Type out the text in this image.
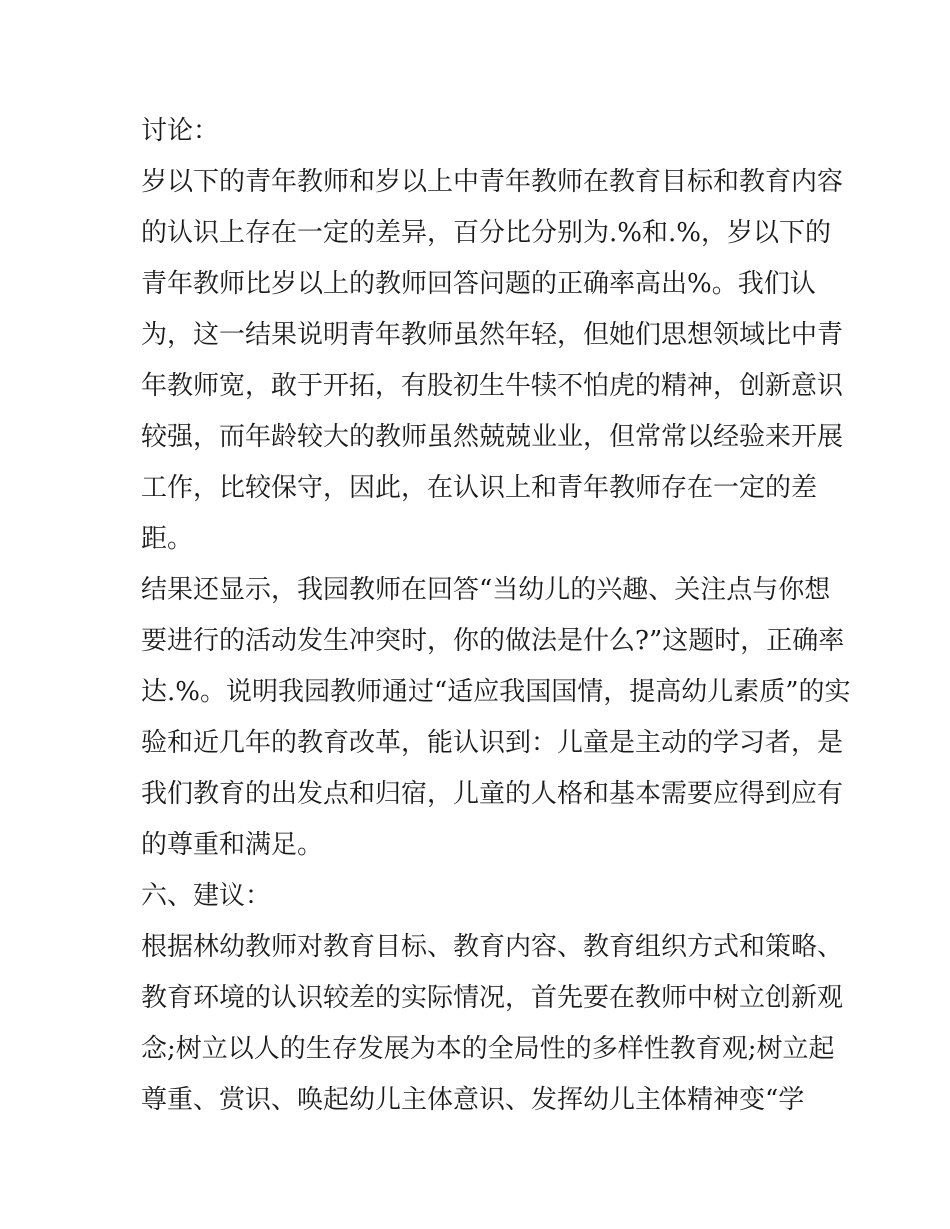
讨论：
岁以下的青年教师和岁以上中青年教师在教育目标和教育内容
的认识上存在一定的差异，百分比分别为.%和.%，岁以下的
青年教师比岁以上的教师回答问题的正确率高出%。我们认
为，这一结果说明青年教师虽然年轻，但她们思想领域比中青
年教师宽，敢于开拓，有股初生牛犊不怕虎的精神，创新意识
较强，而年龄较大的教师虽然兢兢业业，但常常以经验来开展
工作，比较保守，因此，在认识上和青年教师存在一定的差
距。
结果还显示，我园教师在回答“当幼儿的兴趣、关注点与你想
要进行的活动发生冲突时，你的做法是什么?”这题时，正确率
达.%。说明我园教师通过“适应我国国情，提高幼儿素质”的实
验和近几年的教育改革，能认识到：儿童是主动的学习者，是
我们教育的出发点和归宿，儿童的人格和基本需要应得到应有
的尊重和满足。
六、建议：
根据林幼教师对教育目标、教育内容、教育组织方式和策略、
教育环境的认识较差的实际情况，首先要在教师中树立创新观
念;树立以人的生存发展为本的全局性的多样性教育观;树立起
尊重、赏识、唤起幼儿主体意识、发挥幼儿主体精神变“学
